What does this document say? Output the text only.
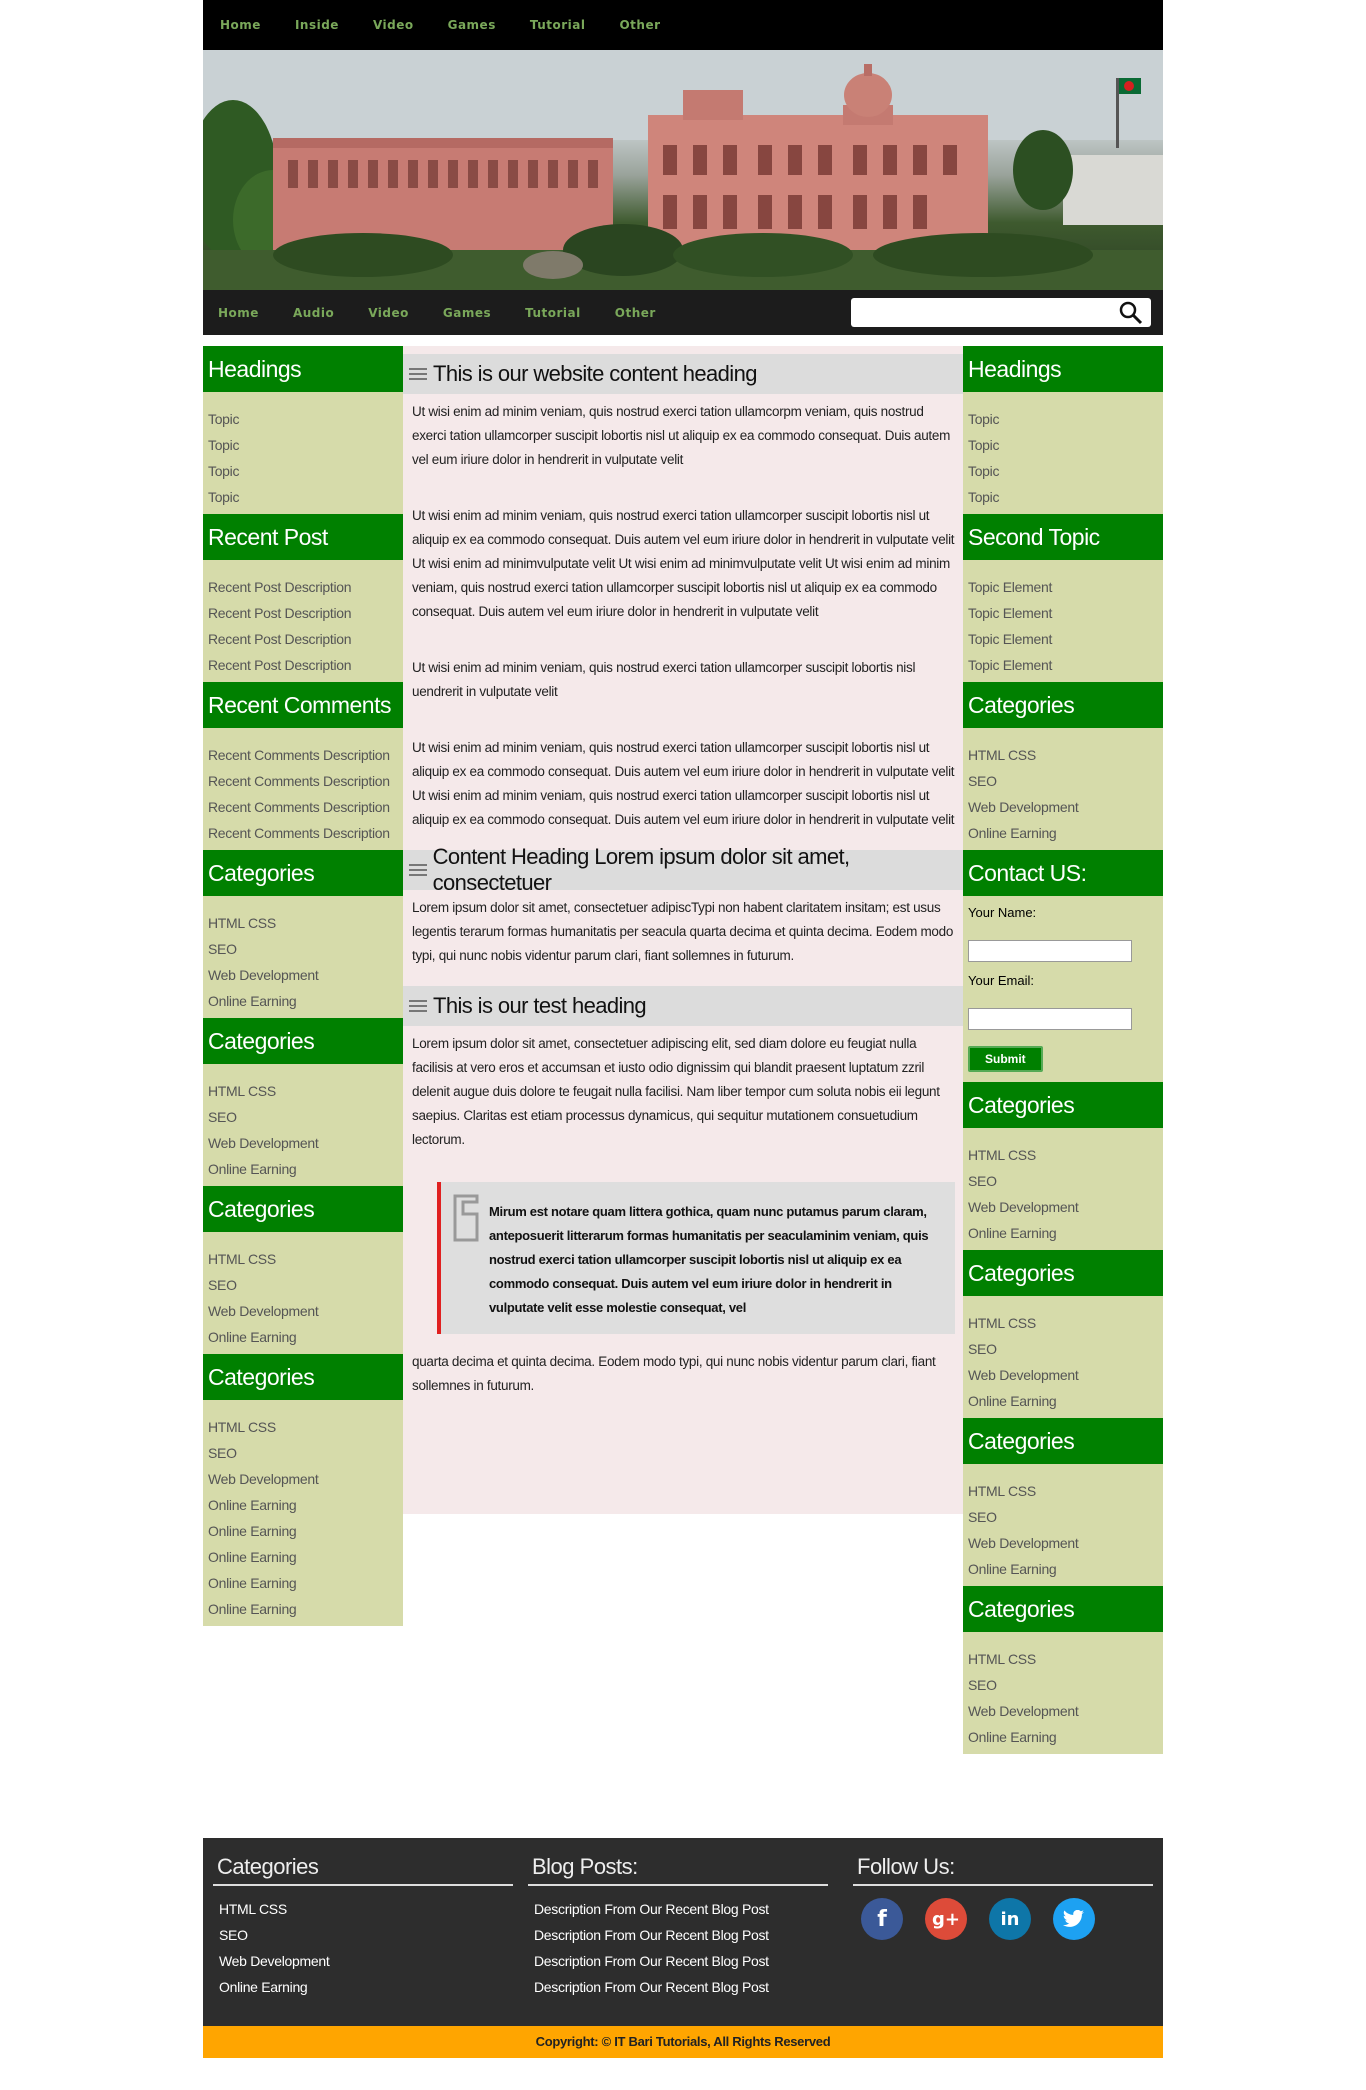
Home	Inside	Video	Games	Tutorial	Other
Home	Audio	Video	Games	Tutorial	Other
Headings
Topic
Topic
Topic
Topic
Recent Post
Recent Post Description
Recent Post Description
Recent Post Description
Recent Post Description
Recent Comments
Recent Comments Description
Recent Comments Description
Recent Comments Description
Recent Comments Description
Categories
HTML CSS
SEO
Web Development
Online Earning
Categories
HTML CSS
SEO
Web Development
Online Earning
Categories
HTML CSS
SEO
Web Development
Online Earning
Categories
HTML CSS
SEO
Web Development
Online Earning
Online Earning
Online Earning
Online Earning
Online Earning
This is our website content heading

Ut wisi enim ad minim veniam, quis nostrud exerci tation ullamcorpm veniam, quis nostrud exerci tation ullamcorper suscipit lobortis nisl ut aliquip ex ea commodo consequat. Duis autem vel eum iriure dolor in hendrerit in vulputate velit

Ut wisi enim ad minim veniam, quis nostrud exerci tation ullamcorper suscipit lobortis nisl ut aliquip ex ea commodo consequat. Duis autem vel eum iriure dolor in hendrerit in vulputate velit Ut wisi enim ad minimvulputate velit Ut wisi enim ad minimvulputate velit Ut wisi enim ad minim veniam, quis nostrud exerci tation ullamcorper suscipit lobortis nisl ut aliquip ex ea commodo consequat. Duis autem vel eum iriure dolor in hendrerit in vulputate velit

Ut wisi enim ad minim veniam, quis nostrud exerci tation ullamcorper suscipit lobortis nisl uendrerit in vulputate velit

Ut wisi enim ad minim veniam, quis nostrud exerci tation ullamcorper suscipit lobortis nisl ut aliquip ex ea commodo consequat. Duis autem vel eum iriure dolor in hendrerit in vulputate velit Ut wisi enim ad minim veniam, quis nostrud exerci tation ullamcorper suscipit lobortis nisl ut aliquip ex ea commodo consequat. Duis autem vel eum iriure dolor in hendrerit in vulputate velit

Content Heading Lorem ipsum dolor sit amet, consectetuer

Lorem ipsum dolor sit amet, consectetuer adipiscTypi non habent claritatem insitam; est usus legentis terarum formas humanitatis per seacula quarta decima et quinta decima. Eodem modo typi, qui nunc nobis videntur parum clari, fiant sollemnes in futurum.

This is our test heading

Lorem ipsum dolor sit amet, consectetuer adipiscing elit, sed diam dolore eu feugiat nulla facilisis at vero eros et accumsan et iusto odio dignissim qui blandit praesent luptatum zzril delenit augue duis dolore te feugait nulla facilisi. Nam liber tempor cum soluta nobis eii legunt saepius. Claritas est etiam processus dynamicus, qui sequitur mutationem consuetudium lectorum.

Mirum est notare quam littera gothica, quam nunc putamus parum claram, anteposuerit litterarum formas humanitatis per seaculaminim veniam, quis nostrud exerci tation ullamcorper suscipit lobortis nisl ut aliquip ex ea commodo consequat. Duis autem vel eum iriure dolor in hendrerit in vulputate velit esse molestie consequat, vel

quarta decima et quinta decima. Eodem modo typi, qui nunc nobis videntur parum clari, fiant sollemnes in futurum.

Headings
Topic
Topic
Topic
Topic
Second Topic
Topic Element
Topic Element
Topic Element
Topic Element
Categories
HTML CSS
SEO
Web Development
Online Earning
Contact US:
Your Name:
Your Email:

Submit
Categories
HTML CSS
SEO
Web Development
Online Earning
Categories
HTML CSS
SEO
Web Development
Online Earning
Categories
HTML CSS
SEO
Web Development
Online Earning
Categories
HTML CSS
SEO
Web Development
Online Earning
Categories
HTML CSS
SEO
Web Development
Online Earning
Blog Posts:
Description From Our Recent Blog Post
Description From Our Recent Blog Post
Description From Our Recent Blog Post
Description From Our Recent Blog Post
Follow Us:
f	g+	in
Copyright: © IT Bari Tutorials, All Rights Reserved
